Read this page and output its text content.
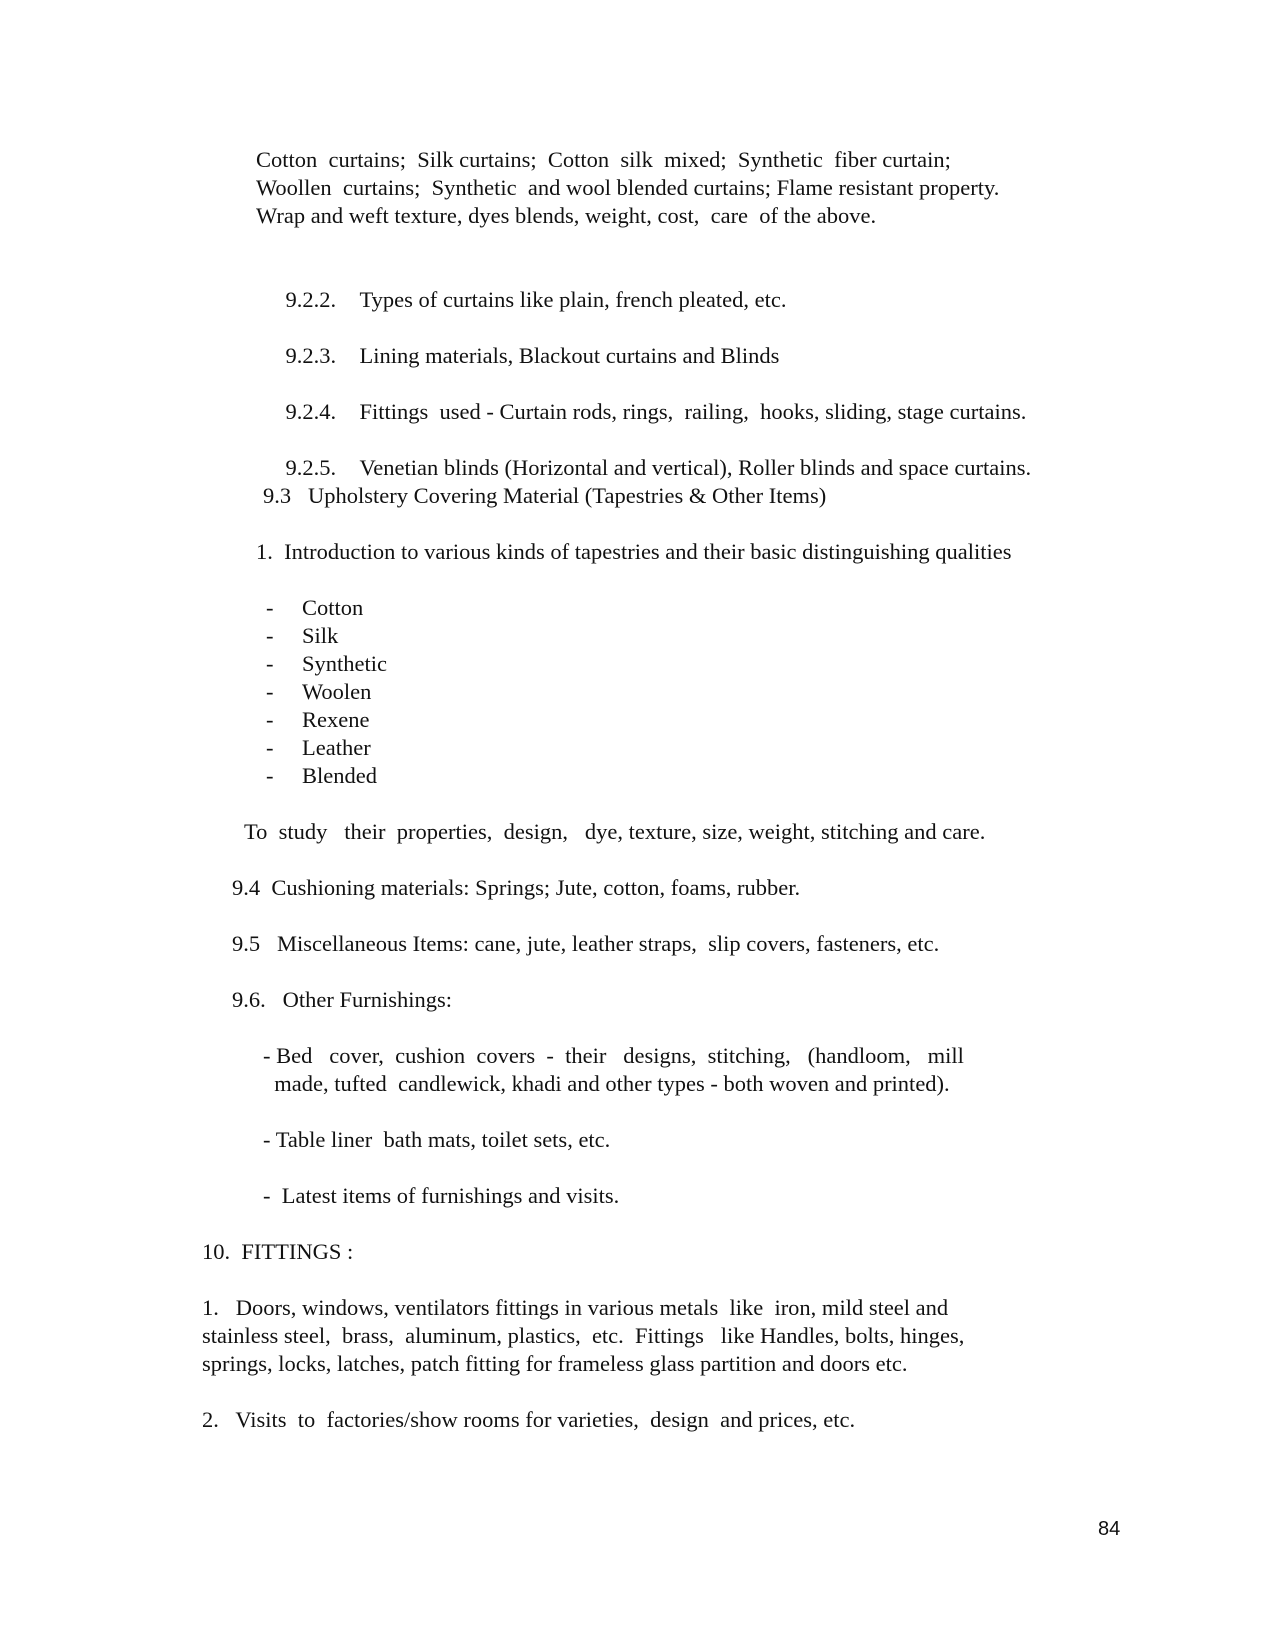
Cotton  curtains;  Silk curtains;  Cotton  silk  mixed;  Synthetic  fiber curtain;
Woollen  curtains;  Synthetic  and wool blended curtains; Flame resistant property.
Wrap and weft texture, dyes blends, weight, cost,  care  of the above.

9.2.2. Types of curtains like plain, french pleated, etc.

9.2.3. Lining materials, Blackout curtains and Blinds

9.2.4. Fittings  used - Curtain rods, rings,  railing,  hooks, sliding, stage curtains.

9.2.5. Venetian blinds (Horizontal and vertical), Roller blinds and space curtains.

9.3   Upholstery Covering Material (Tapestries & Other Items)
1.  Introduction to various kinds of tapestries and their basic distinguishing qualities
- Cotton
- Silk
- Synthetic
- Woolen
- Rexene
- Leather
- Blended
To  study   their  properties,  design,   dye, texture, size, weight, stitching and care.
9.4  Cushioning materials: Springs; Jute, cotton, foams, rubber.
9.5   Miscellaneous Items: cane, jute, leather straps,  slip covers, fasteners, etc.
9.6.   Other Furnishings:
- Bed   cover,  cushion  covers  -  their   designs,  stitching,   (handloom,   mill
made, tufted  candlewick, khadi and other types - both woven and printed).
- Table liner  bath mats, toilet sets, etc.
-  Latest items of furnishings and visits.
10.  FITTINGS :
1.   Doors, windows, ventilators fittings in various metals  like  iron, mild steel and
stainless steel,  brass,  aluminum, plastics,  etc.  Fittings   like Handles, bolts, hinges,
springs, locks, latches, patch fitting for frameless glass partition and doors etc.
2.   Visits  to  factories/show rooms for varieties,  design  and prices, etc.
84
